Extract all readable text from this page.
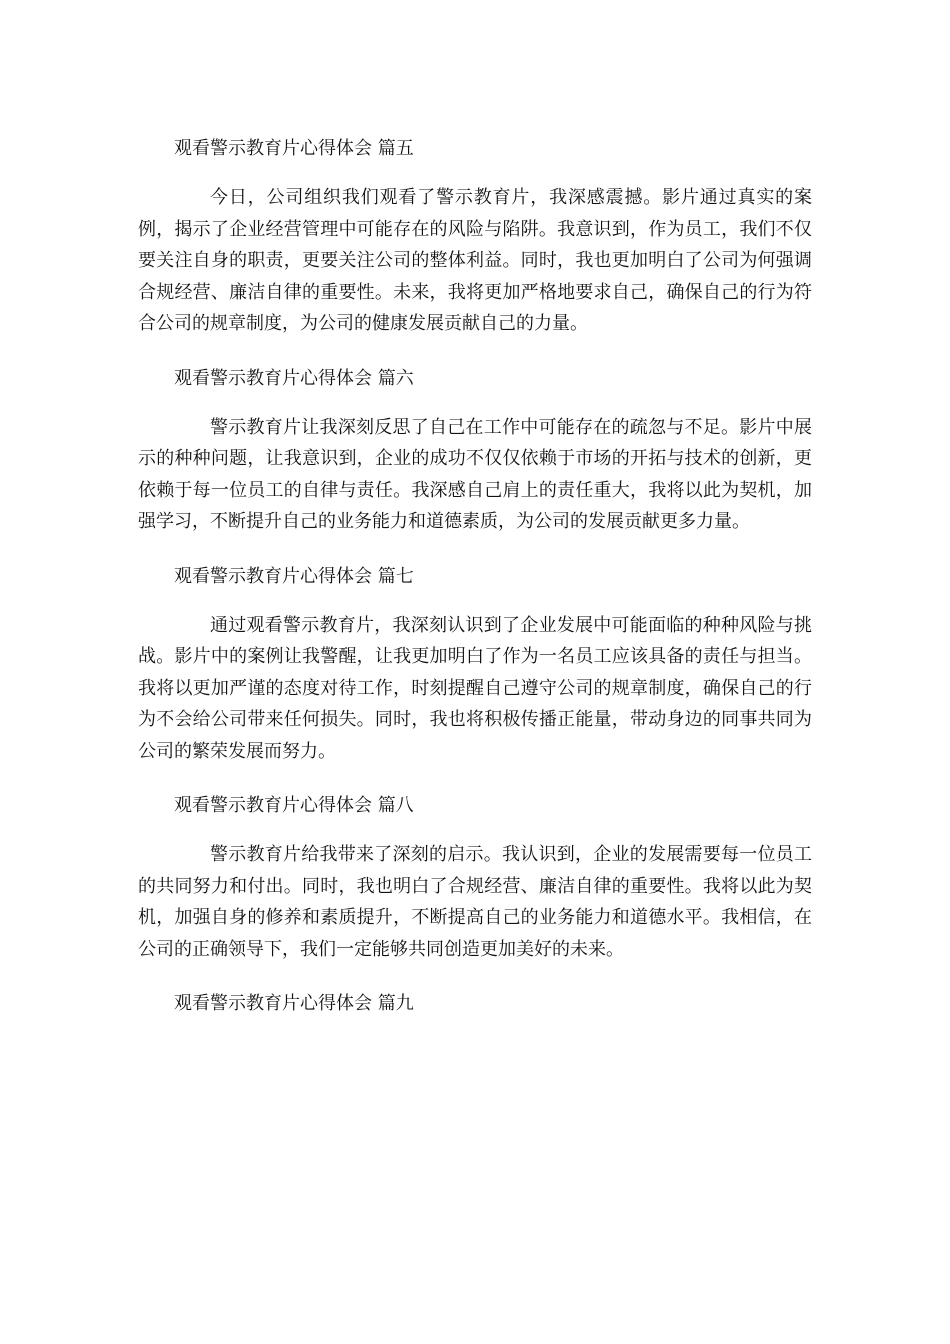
观看警示教育片心得体会 篇五

今日，公司组织我们观看了警示教育片，我深感震撼。影片通过真实的案例，揭示了企业经营管理中可能存在的风险与陷阱。我意识到，作为员工，我们不仅要关注自身的职责，更要关注公司的整体利益。同时，我也更加明白了公司为何强调合规经营、廉洁自律的重要性。未来，我将更加严格地要求自己，确保自己的行为符合公司的规章制度，为公司的健康发展贡献自己的力量。

观看警示教育片心得体会 篇六

警示教育片让我深刻反思了自己在工作中可能存在的疏忽与不足。影片中展示的种种问题，让我意识到，企业的成功不仅仅依赖于市场的开拓与技术的创新，更依赖于每一位员工的自律与责任。我深感自己肩上的责任重大，我将以此为契机，加强学习，不断提升自己的业务能力和道德素质，为公司的发展贡献更多力量。

观看警示教育片心得体会 篇七

通过观看警示教育片，我深刻认识到了企业发展中可能面临的种种风险与挑战。影片中的案例让我警醒，让我更加明白了作为一名员工应该具备的责任与担当。我将以更加严谨的态度对待工作，时刻提醒自己遵守公司的规章制度，确保自己的行为不会给公司带来任何损失。同时，我也将积极传播正能量，带动身边的同事共同为公司的繁荣发展而努力。

观看警示教育片心得体会 篇八

警示教育片给我带来了深刻的启示。我认识到，企业的发展需要每一位员工的共同努力和付出。同时，我也明白了合规经营、廉洁自律的重要性。我将以此为契机，加强自身的修养和素质提升，不断提高自己的业务能力和道德水平。我相信，在公司的正确领导下，我们一定能够共同创造更加美好的未来。

观看警示教育片心得体会 篇九
